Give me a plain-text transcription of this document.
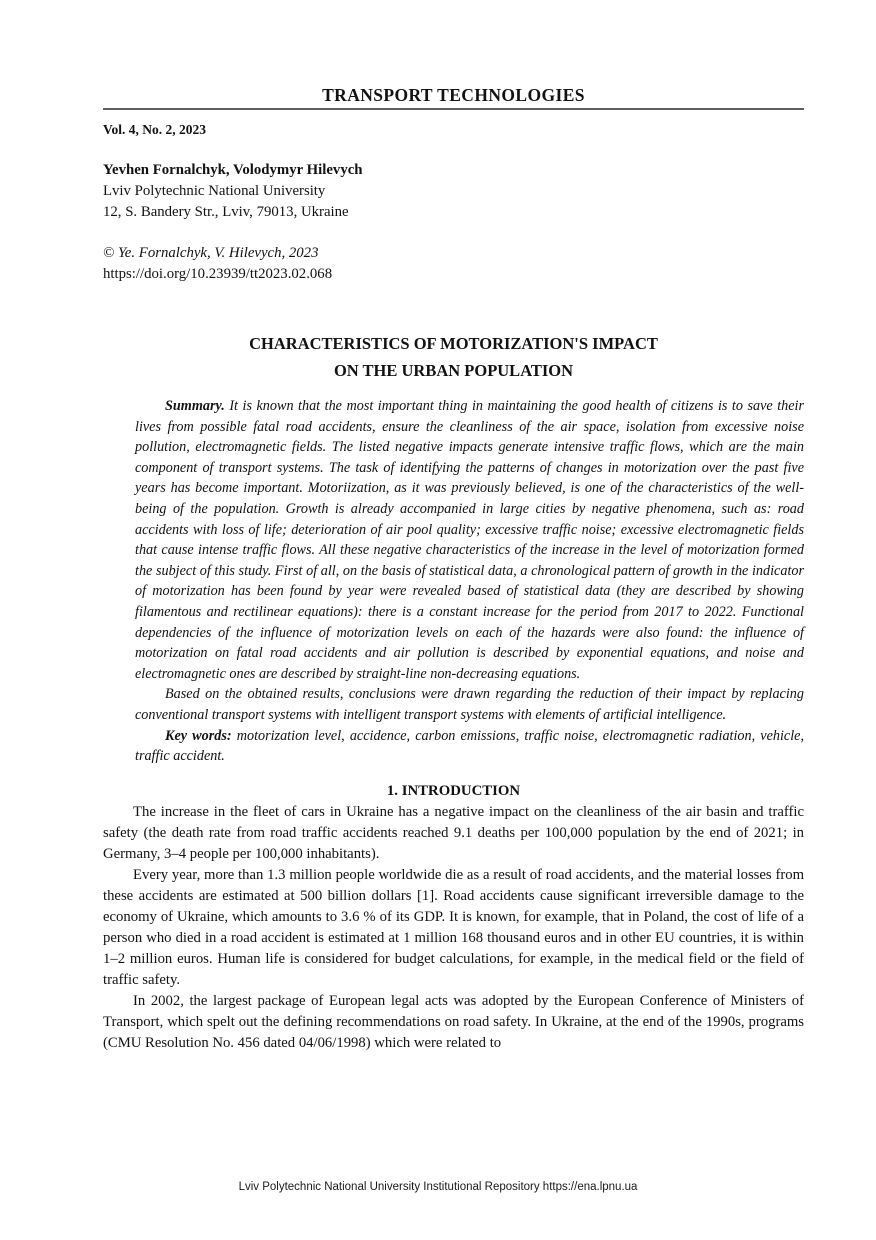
TRANSPORT TECHNOLOGIES
Vol. 4, No. 2, 2023
Yevhen Fornalchyk, Volodymyr Hilevych
Lviv Polytechnic National University
12, S. Bandery Str., Lviv, 79013, Ukraine
© Ye. Fornalchyk, V. Hilevych, 2023
https://doi.org/10.23939/tt2023.02.068
CHARACTERISTICS OF MOTORIZATION'S IMPACT
ON THE URBAN POPULATION

Summary. It is known that the most important thing in maintaining the good health of citizens is to save their lives from possible fatal road accidents, ensure the cleanliness of the air space, isolation from excessive noise pollution, electromagnetic fields. The listed negative impacts generate intensive traffic flows, which are the main component of transport systems. The task of identifying the patterns of changes in motorization over the past five years has become important. Motoriization, as it was previously believed, is one of the characteristics of the well-being of the population. Growth is already accompanied in large cities by negative phenomena, such as: road accidents with loss of life; deterioration of air pool quality; excessive traffic noise; excessive electromagnetic fields that cause intense traffic flows. All these negative characteristics of the increase in the level of motorization formed the subject of this study. First of all, on the basis of statistical data, a chronological pattern of growth in the indicator of motorization has been found by year were revealed based of statistical data (they are described by showing filamentous and rectilinear equations): there is a constant increase for the period from 2017 to 2022. Functional dependencies of the influence of motorization levels on each of the hazards were also found: the influence of motorization on fatal road accidents and air pollution is described by exponential equations, and noise and electromagnetic ones are described by straight-line non-decreasing equations.

Based on the obtained results, conclusions were drawn regarding the reduction of their impact by replacing conventional transport systems with intelligent transport systems with elements of artificial intelligence.

Key words: motorization level, accidence, carbon emissions, traffic noise, electromagnetic radiation, vehicle, traffic accident.

1. INTRODUCTION

The increase in the fleet of cars in Ukraine has a negative impact on the cleanliness of the air basin and traffic safety (the death rate from road traffic accidents reached 9.1 deaths per 100,000 population by the end of 2021; in Germany, 3–4 people per 100,000 inhabitants).

Every year, more than 1.3 million people worldwide die as a result of road accidents, and the material losses from these accidents are estimated at 500 billion dollars [1]. Road accidents cause significant irreversible damage to the economy of Ukraine, which amounts to 3.6 % of its GDP. It is known, for example, that in Poland, the cost of life of a person who died in a road accident is estimated at 1 million 168 thousand euros and in other EU countries, it is within 1–2 million euros. Human life is considered for budget calculations, for example, in the medical field or the field of traffic safety.

In 2002, the largest package of European legal acts was adopted by the European Conference of Ministers of Transport, which spelt out the defining recommendations on road safety. In Ukraine, at the end of the 1990s, programs (CMU Resolution No. 456 dated 04/06/1998) which were related to

Lviv Polytechnic National University Institutional Repository https://ena.lpnu.ua
